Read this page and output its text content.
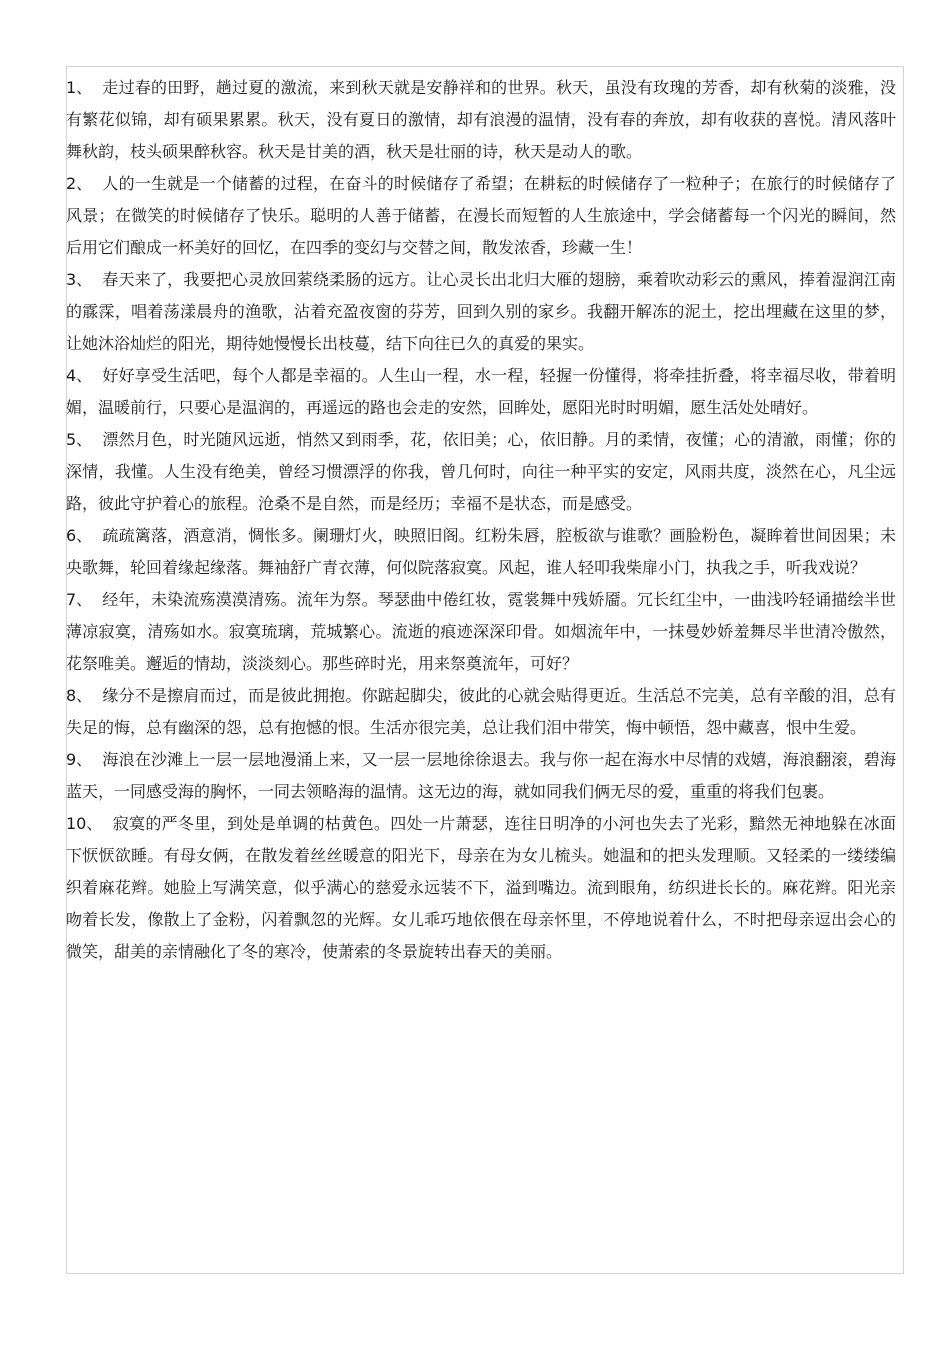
1、 走过春的田野，趟过夏的激流，来到秋天就是安静祥和的世界。秋天，虽没有玫瑰的芳香，却有秋菊的淡雅，没有繁花似锦，却有硕果累累。秋天，没有夏日的激情，却有浪漫的温情，没有春的奔放，却有收获的喜悦。清风落叶舞秋韵，枝头硕果醉秋容。秋天是甘美的酒，秋天是壮丽的诗，秋天是动人的歌。

2、 人的一生就是一个储蓄的过程，在奋斗的时候储存了希望；在耕耘的时候储存了一粒种子；在旅行的时候储存了风景；在微笑的时候储存了快乐。聪明的人善于储蓄，在漫长而短暂的人生旅途中，学会储蓄每一个闪光的瞬间，然后用它们酿成一杯美好的回忆，在四季的变幻与交替之间，散发浓香，珍藏一生！

3、 春天来了，我要把心灵放回萦绕柔肠的远方。让心灵长出北归大雁的翅膀，乘着吹动彩云的熏风，捧着湿润江南的霡霂，唱着荡漾晨舟的渔歌，沾着充盈夜窗的芬芳，回到久别的家乡。我翻开解冻的泥土，挖出埋藏在这里的梦，让她沐浴灿烂的阳光，期待她慢慢长出枝蔓，结下向往已久的真爱的果实。

4、 好好享受生活吧，每个人都是幸福的。人生山一程，水一程，轻握一份懂得，将牵挂折叠，将幸福尽收，带着明媚，温暖前行，只要心是温润的，再遥远的路也会走的安然，回眸处，愿阳光时时明媚，愿生活处处晴好。

5、 漂然月色，时光随风远逝，悄然又到雨季，花，依旧美；心，依旧静。月的柔情，夜懂；心的清澈，雨懂；你的深情，我懂。人生没有绝美，曾经习惯漂浮的你我，曾几何时，向往一种平实的安定，风雨共度，淡然在心，凡尘远路，彼此守护着心的旅程。沧桑不是自然，而是经历；幸福不是状态，而是感受。

6、 疏疏篱落，酒意消，惆怅多。阑珊灯火，映照旧阁。红粉朱唇，腔板欲与谁歌？画脸粉色，凝眸着世间因果；未央歌舞，轮回着缘起缘落。舞袖舒广青衣薄，何似院落寂寞。风起，谁人轻叩我柴扉小门，执我之手，听我戏说？

7、 经年，未染流殇漠漠清殇。流年为祭。琴瑟曲中倦红妆，霓裳舞中残娇靥。冗长红尘中，一曲浅吟轻诵描绘半世薄凉寂寞，清殇如水。寂寞琉璃，荒城繁心。流逝的痕迹深深印骨。如烟流年中，一抹曼妙娇羞舞尽半世清冷傲然，花祭唯美。邂逅的情劫，淡淡刻心。那些碎时光，用来祭奠流年，可好？

8、 缘分不是擦肩而过，而是彼此拥抱。你踮起脚尖，彼此的心就会贴得更近。生活总不完美，总有辛酸的泪，总有失足的悔，总有幽深的怨，总有抱憾的恨。生活亦很完美，总让我们泪中带笑，悔中顿悟，怨中藏喜，恨中生爱。

9、 海浪在沙滩上一层一层地漫涌上来，又一层一层地徐徐退去。我与你一起在海水中尽情的戏嬉，海浪翻滚，碧海蓝天，一同感受海的胸怀，一同去领略海的温情。这无边的海，就如同我们俩无尽的爱，重重的将我们包裹。

10、 寂寞的严冬里，到处是单调的枯黄色。四处一片萧瑟，连往日明净的小河也失去了光彩，黯然无神地躲在冰面下恹恹欲睡。有母女俩，在散发着丝丝暖意的阳光下，母亲在为女儿梳头。她温和的把头发理顺。又轻柔的一缕缕编织着麻花辫。她脸上写满笑意，似乎满心的慈爱永远装不下，溢到嘴边。流到眼角，纺织进长长的。麻花辫。阳光亲吻着长发，像散上了金粉，闪着飘忽的光辉。女儿乖巧地依偎在母亲怀里，不停地说着什么，不时把母亲逗出会心的微笑，甜美的亲情融化了冬的寒冷，使萧索的冬景旋转出春天的美丽。
